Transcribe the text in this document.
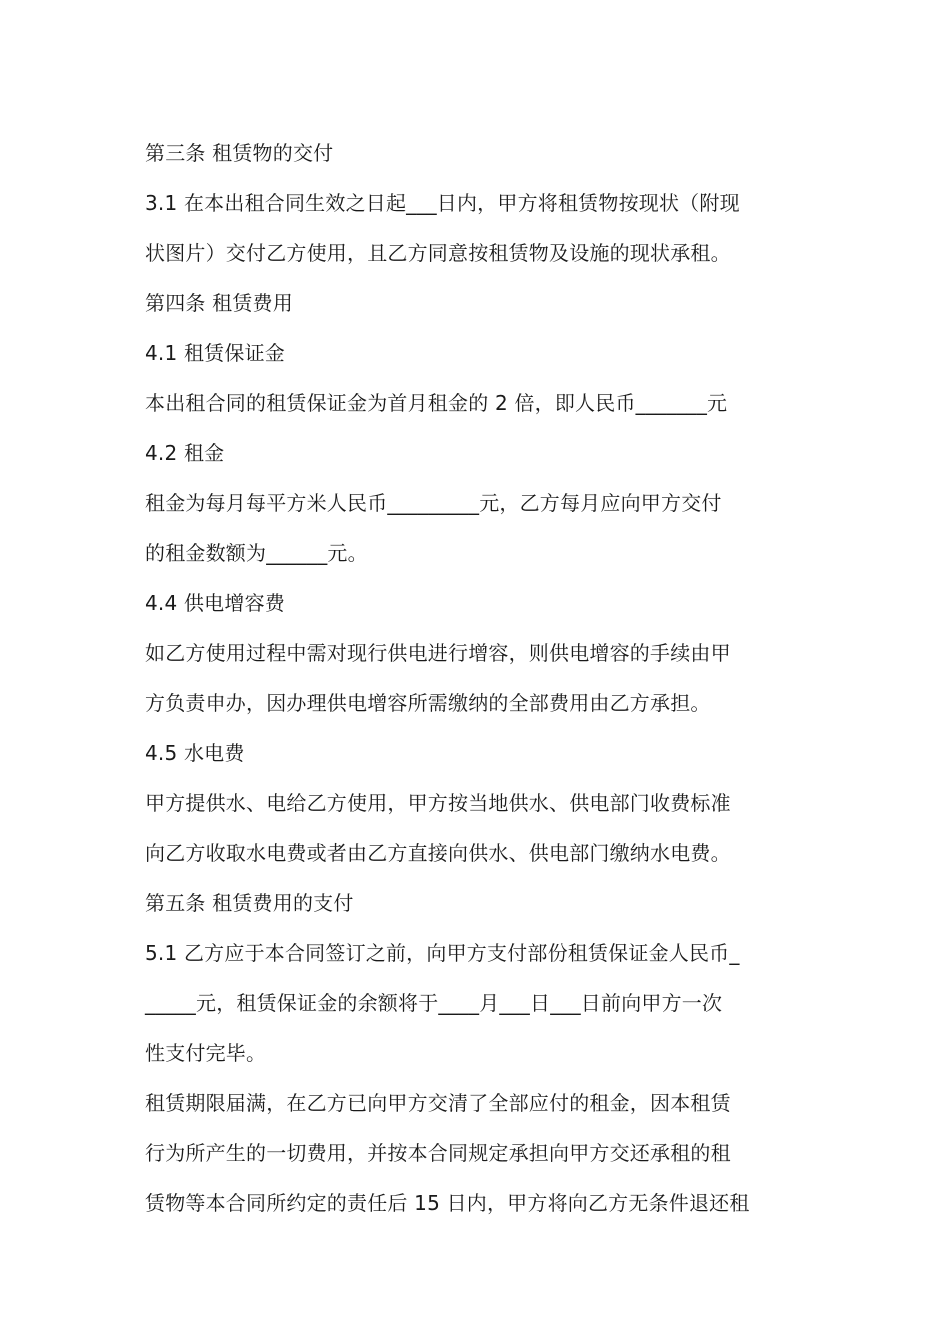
第三条 租赁物的交付
3.1 在本出租合同生效之日起___日内，甲方将租赁物按现状（附现
状图片）交付乙方使用，且乙方同意按租赁物及设施的现状承租。
第四条 租赁费用
4.1 租赁保证金
本出租合同的租赁保证金为首月租金的 2 倍，即人民币_______元
4.2 租金
租金为每月每平方米人民币_________元，乙方每月应向甲方交付
的租金数额为______元。
4.4 供电增容费
如乙方使用过程中需对现行供电进行增容，则供电增容的手续由甲
方负责申办，因办理供电增容所需缴纳的全部费用由乙方承担。
4.5 水电费
甲方提供水、电给乙方使用，甲方按当地供水、供电部门收费标准
向乙方收取水电费或者由乙方直接向供水、供电部门缴纳水电费。
第五条 租赁费用的支付
5.1 乙方应于本合同签订之前，向甲方支付部份租赁保证金人民币_
_____元，租赁保证金的余额将于____月___日___日前向甲方一次
性支付完毕。
租赁期限届满，在乙方已向甲方交清了全部应付的租金，因本租赁
行为所产生的一切费用，并按本合同规定承担向甲方交还承租的租
赁物等本合同所约定的责任后 15 日内，甲方将向乙方无条件退还租
